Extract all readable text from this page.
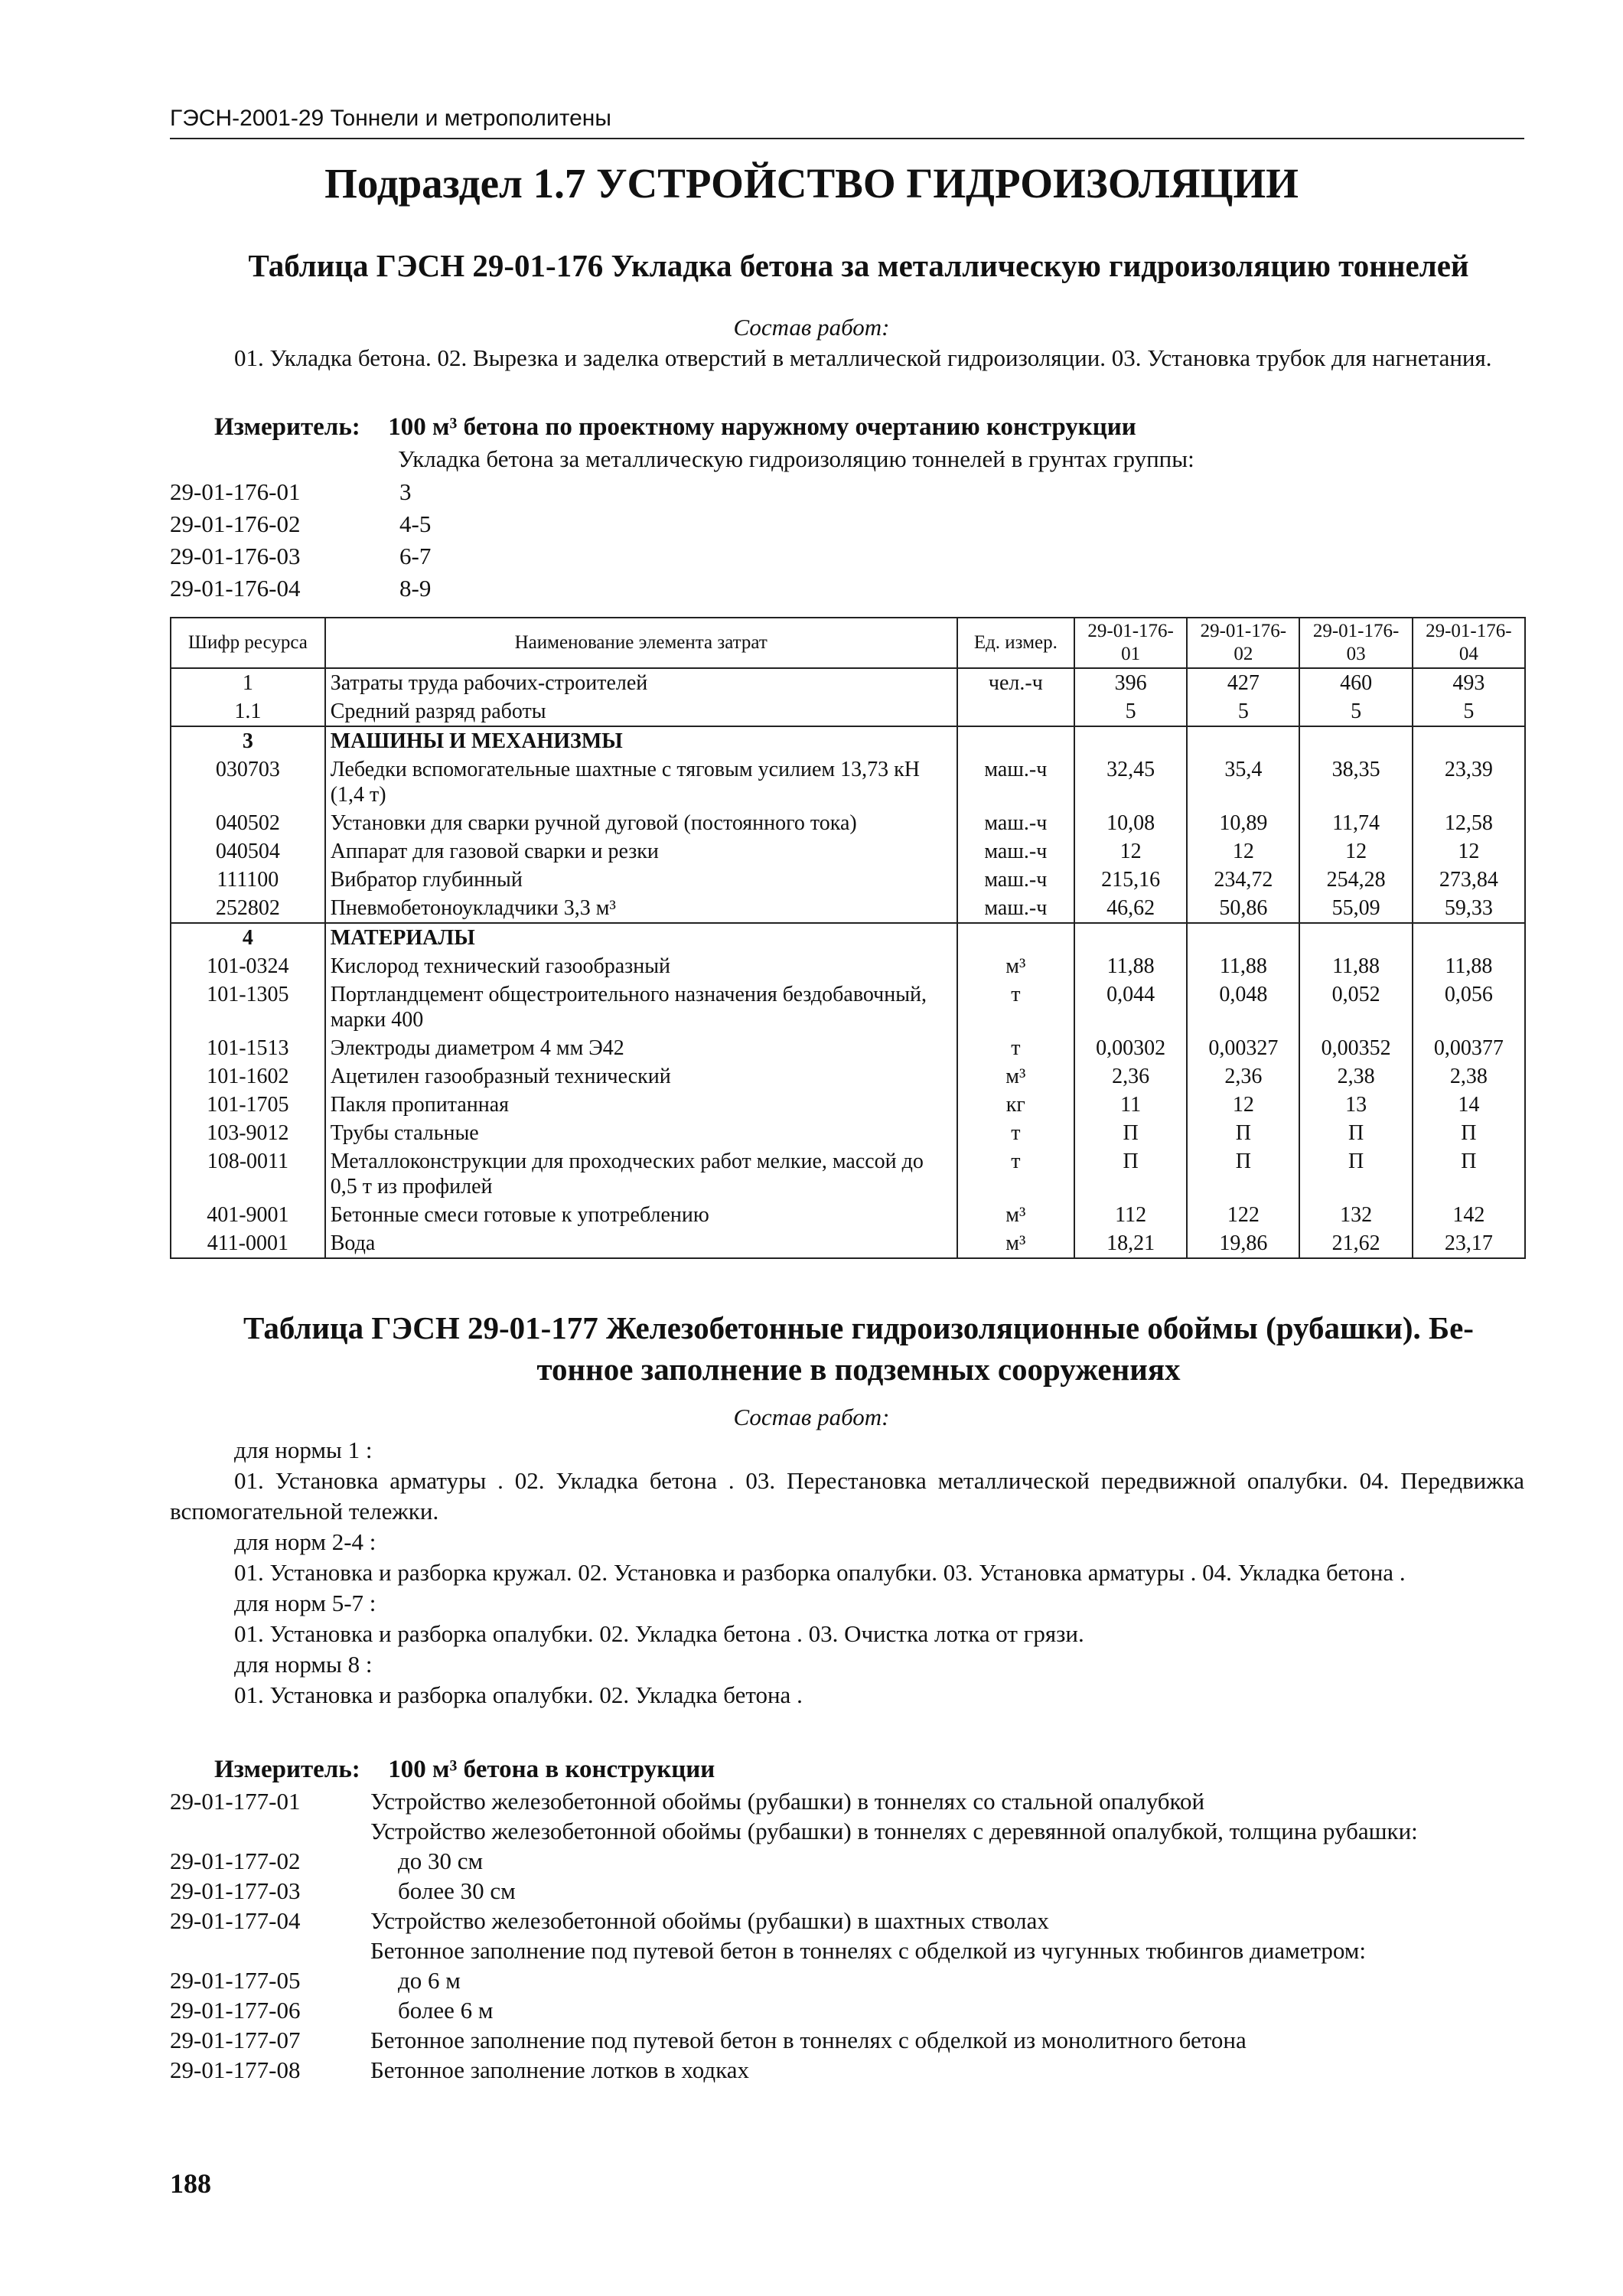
ГЭСН-2001-29 Тоннели и метрополитены
Подраздел 1.7 УСТРОЙСТВО ГИДРОИЗОЛЯЦИИ
Таблица ГЭСН 29-01-176 Укладка бетона за металлическую гидроизоляцию тоннелей
Состав работ:
01. Укладка бетона. 02. Вырезка и заделка отверстий в металлической гидроизоляции. 03. Установка трубок для нагнетания.
Измеритель: 100 м³ бетона по проектному наружному очертанию конструкции
Укладка бетона за металлическую гидроизоляцию тоннелей в грунтах группы:
29-01-176-01	3
29-01-176-02	4-5
29-01-176-03	6-7
29-01-176-04	8-9
Шифр ресурса	Наименование элемента затрат	Ед. измер.	29-01-176-01	29-01-176-02	29-01-176-03	29-01-176-04
1	Затраты труда рабочих-строителей	чел.-ч	396	427	460	493
1.1	Средний разряд работы		5	5	5	5
3	МАШИНЫ И МЕХАНИЗМЫ					
030703	Лебедки вспомогательные шахтные с тяговым усилием 13,73 кН (1,4 т)	маш.-ч	32,45	35,4	38,35	23,39
040502	Установки для сварки ручной дуговой (постоянного тока)	маш.-ч	10,08	10,89	11,74	12,58
040504	Аппарат для газовой сварки и резки	маш.-ч	12	12	12	12
111100	Вибратор глубинный	маш.-ч	215,16	234,72	254,28	273,84
252802	Пневмобетоноукладчики 3,3 м³	маш.-ч	46,62	50,86	55,09	59,33
4	МАТЕРИАЛЫ					
101-0324	Кислород технический газообразный	м³	11,88	11,88	11,88	11,88
101-1305	Портландцемент общестроительного назначения бездобавочный, марки 400	т	0,044	0,048	0,052	0,056
101-1513	Электроды диаметром 4 мм Э42	т	0,00302	0,00327	0,00352	0,00377
101-1602	Ацетилен газообразный технический	м³	2,36	2,36	2,38	2,38
101-1705	Пакля пропитанная	кг	11	12	13	14
103-9012	Трубы стальные	т	П	П	П	П
108-0011	Металлоконструкции для проходческих работ мелкие, массой до 0,5 т из профилей	т	П	П	П	П
401-9001	Бетонные смеси готовые к употреблению	м³	112	122	132	142
411-0001	Вода	м³	18,21	19,86	21,62	23,17
Таблица ГЭСН 29-01-177 Железобетонные гидроизоляционные обоймы (рубашки). Бе-
тонное заполнение в подземных сооружениях
Состав работ:
для нормы 1 :
01. Установка арматуры . 02. Укладка бетона . 03. Перестановка металлической передвижной опалубки. 04. Передвижка вспомогательной тележки.
для норм 2-4 :
01. Установка и разборка кружал. 02. Установка и разборка опалубки. 03. Установка арматуры . 04. Укладка бетона .
для норм 5-7 :
01. Установка и разборка опалубки. 02. Укладка бетона . 03. Очистка лотка от грязи.
для нормы 8 :
01. Установка и разборка опалубки. 02. Укладка бетона .
Измеритель: 100 м³ бетона в конструкции
29-01-177-01	Устройство железобетонной обоймы (рубашки) в тоннелях со стальной опалубкой
Устройство железобетонной обоймы (рубашки) в тоннелях с деревянной опалубкой, толщина рубашки:
29-01-177-02	до 30 см
29-01-177-03	более 30 см
29-01-177-04	Устройство железобетонной обоймы (рубашки) в шахтных стволах
Бетонное заполнение под путевой бетон в тоннелях с обделкой из чугунных тюбингов диаметром:
29-01-177-05	до 6 м
29-01-177-06	более 6 м
29-01-177-07	Бетонное заполнение под путевой бетон в тоннелях с обделкой из монолитного бетона
29-01-177-08	Бетонное заполнение лотков в ходках
188
